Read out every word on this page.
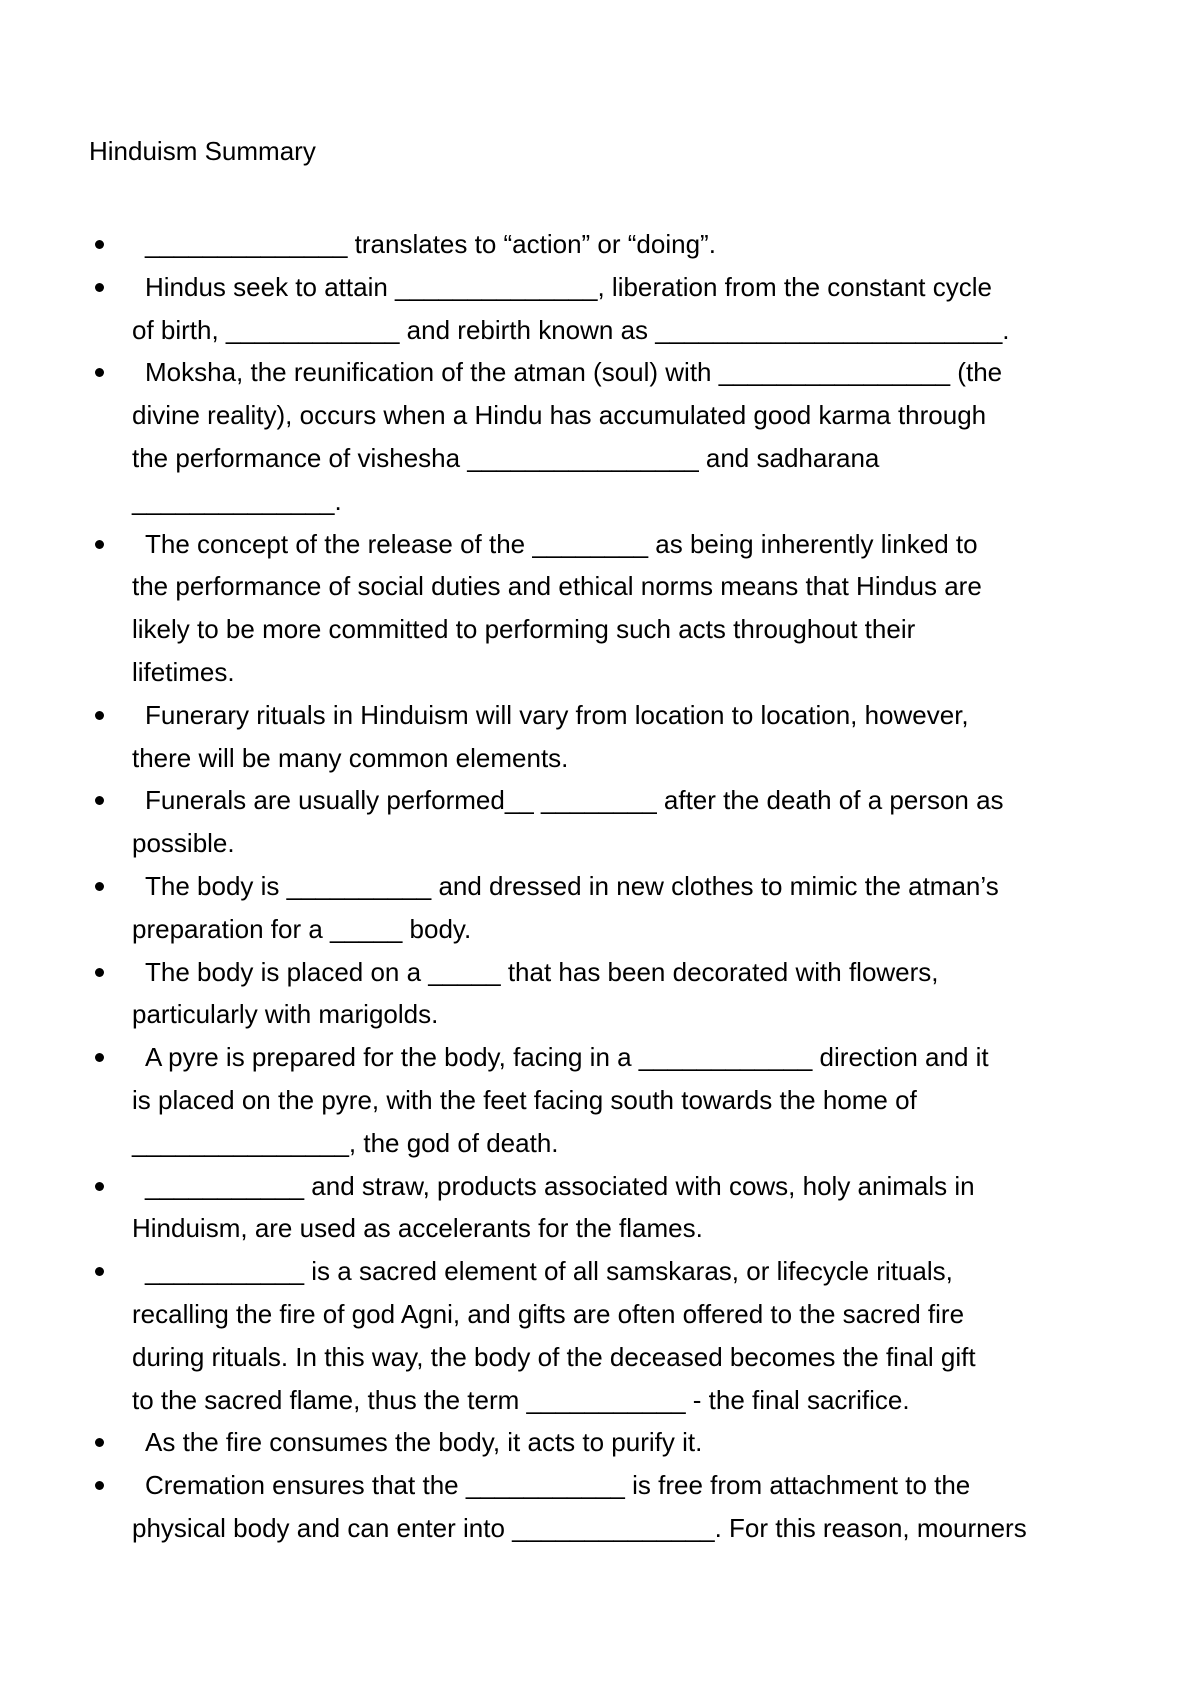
Hinduism Summary
______________ translates to “action” or “doing”.
Hindus seek to attain ______________, liberation from the constant cycle
of birth, ____________ and rebirth known as ________________________.
Moksha, the reunification of the atman (soul) with ________________ (the
divine reality), occurs when a Hindu has accumulated good karma through
the performance of vishesha ________________ and sadharana
______________.
The concept of the release of the ________ as being inherently linked to
the performance of social duties and ethical norms means that Hindus are
likely to be more committed to performing such acts throughout their
lifetimes.
Funerary rituals in Hinduism will vary from location to location, however,
there will be many common elements.
Funerals are usually performed__ ________ after the death of a person as
possible.
The body is __________ and dressed in new clothes to mimic the atman’s
preparation for a _____ body.
The body is placed on a _____ that has been decorated with flowers,
particularly with marigolds.
A pyre is prepared for the body, facing in a ____________ direction and it
is placed on the pyre, with the feet facing south towards the home of
_______________, the god of death.
___________ and straw, products associated with cows, holy animals in
Hinduism, are used as accelerants for the flames.
___________ is a sacred element of all samskaras, or lifecycle rituals,
recalling the fire of god Agni, and gifts are often offered to the sacred fire
during rituals. In this way, the body of the deceased becomes the final gift
to the sacred flame, thus the term ___________ - the final sacrifice.
As the fire consumes the body, it acts to purify it.
Cremation ensures that the ___________ is free from attachment to the
physical body and can enter into ______________. For this reason, mourners
